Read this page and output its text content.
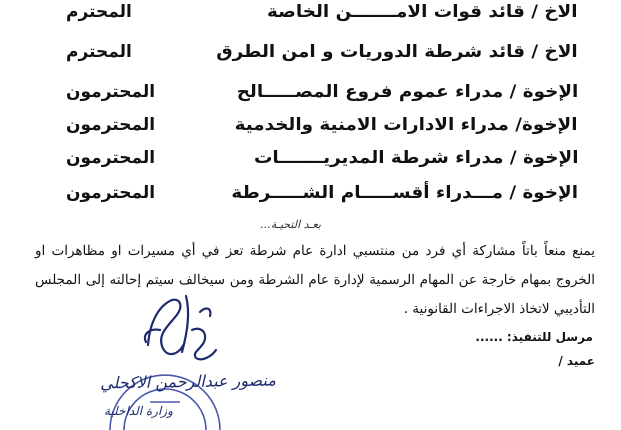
الاخ / قائد قوات الامـــــــن الخاصة
المحترم
الاخ / قائد شرطة الدوريات و امن الطرق
المحترم
الإخوة / مدراء عموم فروع المصـــــالح
المحترمون
الإخوة/ مدراء الادارات الامنية والخدمية
المحترمون
الإخوة / مدراء شرطة المديريـــــــات
المحترمون
الإخوة / مـــدراء أقســـــام الشـــــرطة
المحترمون
بعـد التحيـة...
يمنع منعاً باتاً مشاركة أي فرد من منتسبي ادارة عام شرطة تعز في أي مسيرات او مظاهرات او الخروج بمهام خارجة عن المهام الرسمية لإدارة عام الشرطة ومن سيخالف سيتم إحالته إلى المجلس التأديبي لاتخاذ الاجراءات القانونية .
مرسل للتنفيذ: ......
عميد /
منصور عبدالرحمن الاكحلي
وزارة الداخلية
